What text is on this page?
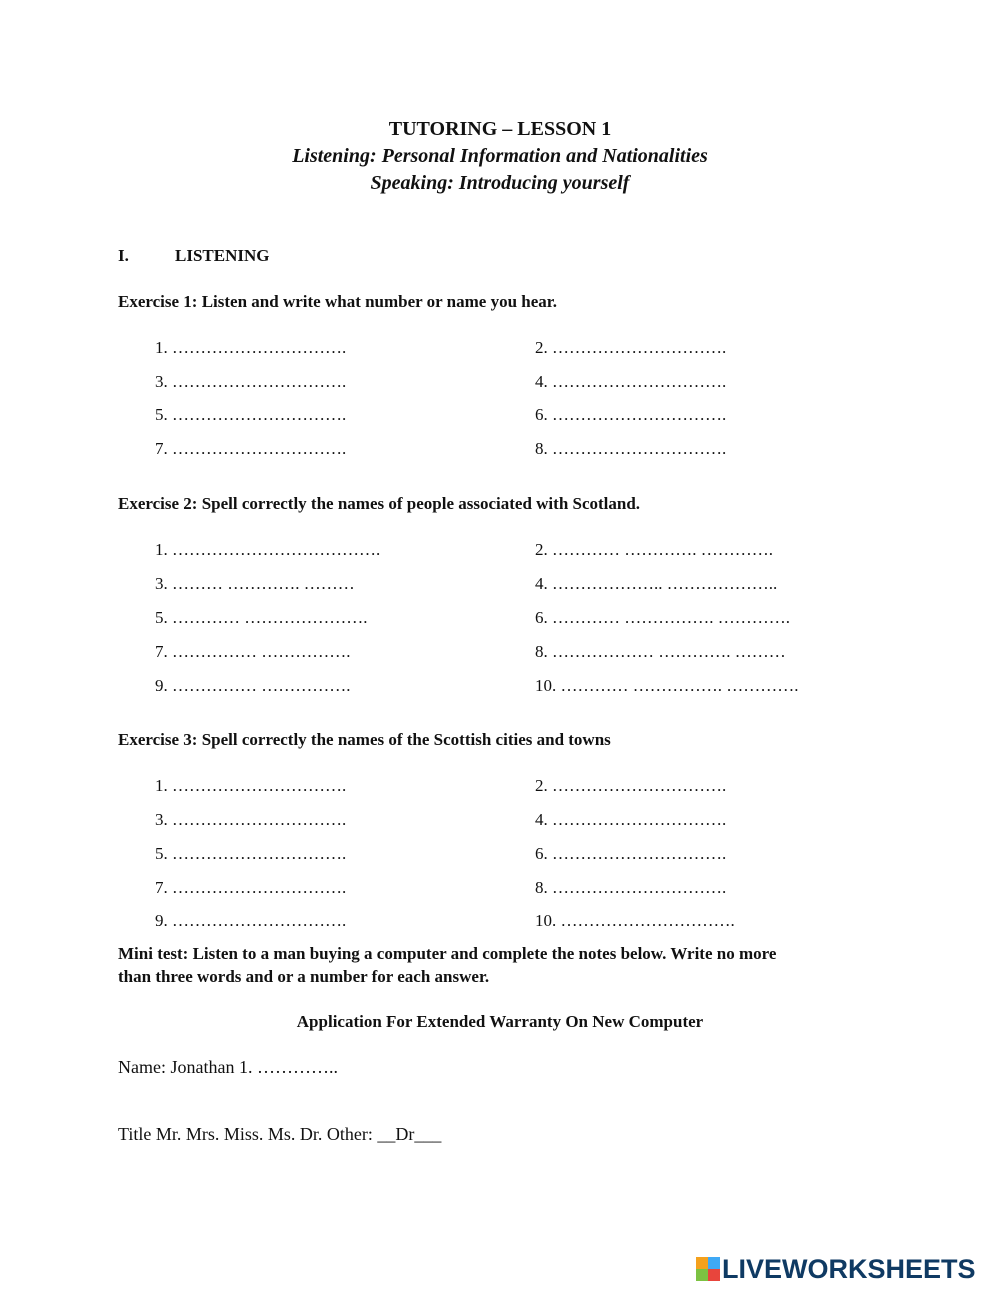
TUTORING – LESSON 1
Listening: Personal Information and Nationalities
Speaking: Introducing yourself
I.	LISTENING
Exercise 1: Listen and write what number or name you hear.
1. ………………………….
3. ………………………….
5. ………………………….
7. ………………………….
2. ………………………….
4. ………………………….
6. ………………………….
8. ………………………….
Exercise 2: Spell correctly the names of people associated with Scotland.
1. ……………………………….
3. ……… …………. ………
5. ………… ………………….
7. …………… …………….
9. …………… …………….
2. ………… …………. ………….
4. ……………….. ………………..
6. ………… ……………. ………….
8. ……………… …………. ………
10. ………… ……………. ………….
Exercise 3: Spell correctly the names of the Scottish cities and towns
1. ………………………….
3. ………………………….
5. ………………………….
7. ………………………….
9. ………………………….
2. ………………………….
4. ………………………….
6. ………………………….
8. ………………………….
10. ………………………….
Mini test: Listen to a man buying a computer and complete the notes below. Write no more
than three words and or a number for each answer.
Application For Extended Warranty On New Computer
Name: Jonathan 1. …………..
Title Mr. Mrs. Miss. Ms. Dr. Other: __Dr___
LIVEWORKSHEETS
